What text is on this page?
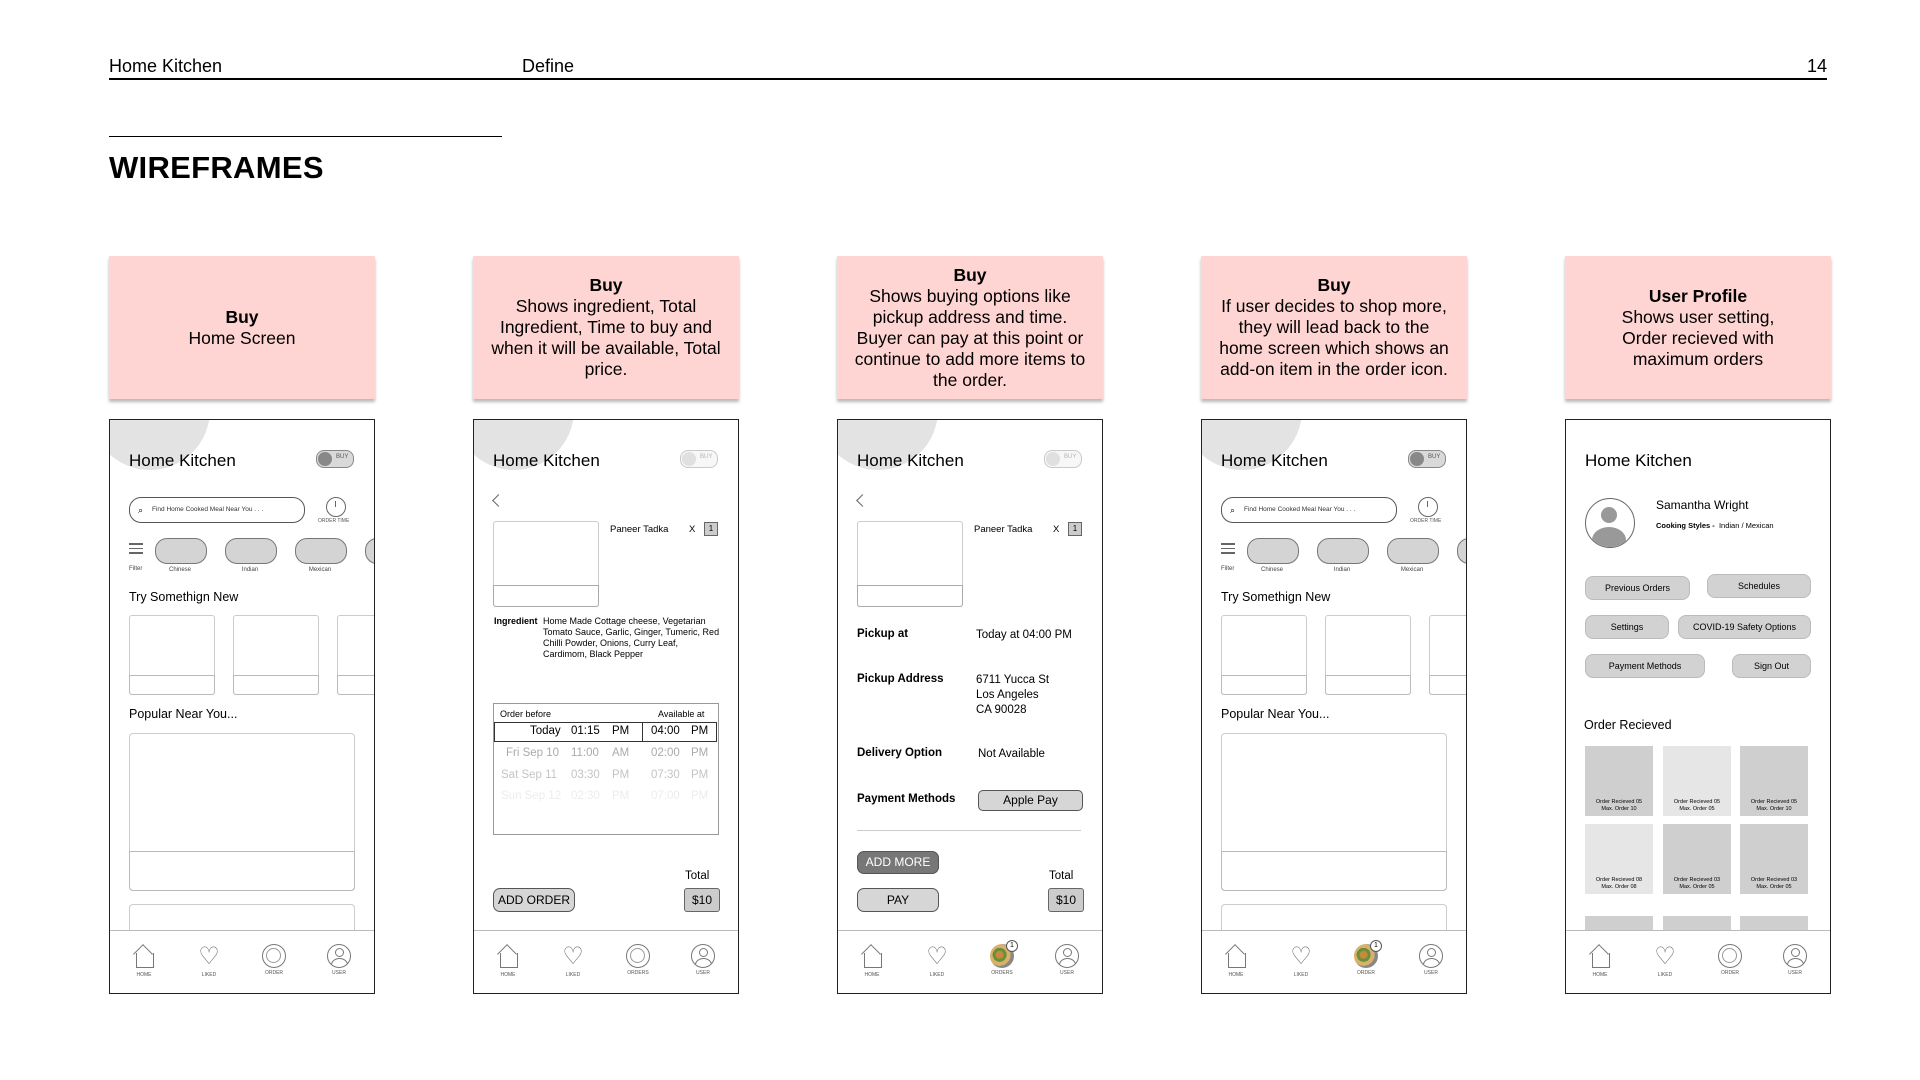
Home Kitchen	Define	14
WIREFRAMES
Buy
Home Screen
Buy
Shows ingredient, Total Ingredient, Time to buy and when it will be available, Total price.
Buy
Shows buying options like pickup address and time. Buyer can pay at this point or continue to add more items to the order.
Buy
If user decides to shop more, they will lead back to the home screen which shows an add-on item in the order icon.
User Profile
Shows user setting, Order recieved with maximum orders
Home Kitchen	BUY
⌕ Find Home Cooked Meal Near You . . .
ORDER TIME
Filter	Chinese	Indian	Mexican
Try Somethign New
Popular Near You...
HOME
♡
LIKED	ORDER	USER
Home Kitchen	BUY
Paneer Tadka X	1
Ingredient Home Made Cottage cheese, Vegetarian Tomato Sauce, Garlic, Ginger, Tumeric, Red Chilli Powder, Onions, Curry Leaf, Cardimom, Black Pepper
Order before	Available at
Today 01:15 PM 04:00 PM
Fri Sep 10 11:00 AM 02:00 PM
Sat Sep 11 03:30 PM 07:30 PM
Sun Sep 12 02:30 PM 07:00 PM
Total
$10
ADD ORDER
HOME
♡
LIKED	ORDERS	USER
Home Kitchen	BUY
Paneer Tadka X	1
Pickup at	Today at 04:00 PM
Pickup Address	6711 Yucca St
Los Angeles
CA 90028
Delivery Option	Not Available
Payment Methods	Apple Pay
ADD MORE
Total
$10
PAY
HOME
♡
LIKED
1
ORDERS	USER
Home Kitchen	BUY
⌕ Find Home Cooked Meal Near You . . .
ORDER TIME
Filter	Chinese	Indian	Mexican
Try Somethign New
Popular Near You...
HOME
♡
LIKED
1
ORDER	USER
Home Kitchen
Samantha Wright
Cooking Styles - Indian / Mexican
Previous Orders	Schedules
Settings	COVID-19 Safety Options
Payment Methods	Sign Out
Order Recieved
Order Recieved 05
Max. Order 10
Order Recieved 05
Max. Order 05
Order Recieved 05
Max. Order 10
Order Recieved 08
Max. Order 08
Order Recieved 03
Max. Order 05
Order Recieved 03
Max. Order 05
HOME
♡
LIKED	ORDER	USER
